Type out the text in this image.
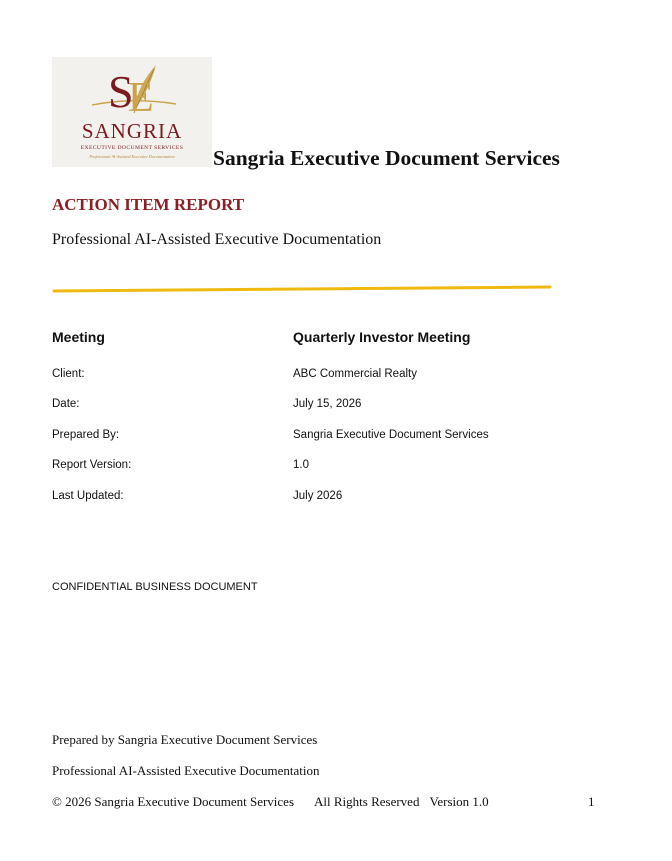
S
E
SANGRIA
EXECUTIVE DOCUMENT SERVICES
Professional AI-Assisted Executive Documentation	Sangria Executive Document Services
ACTION ITEM REPORT
Professional AI-Assisted Executive Documentation
Meeting	Quarterly Investor Meeting
Client:	ABC Commercial Realty
Date:	July 15, 2026
Prepared By:	Sangria Executive Document Services
Report Version:	1.0
Last Updated:	July 2026
CONFIDENTIAL BUSINESS DOCUMENT
Prepared by Sangria Executive Document Services
Professional AI-Assisted Executive Documentation
© 2026 Sangria Executive Document Services All Rights Reserved Version 1.0	1
